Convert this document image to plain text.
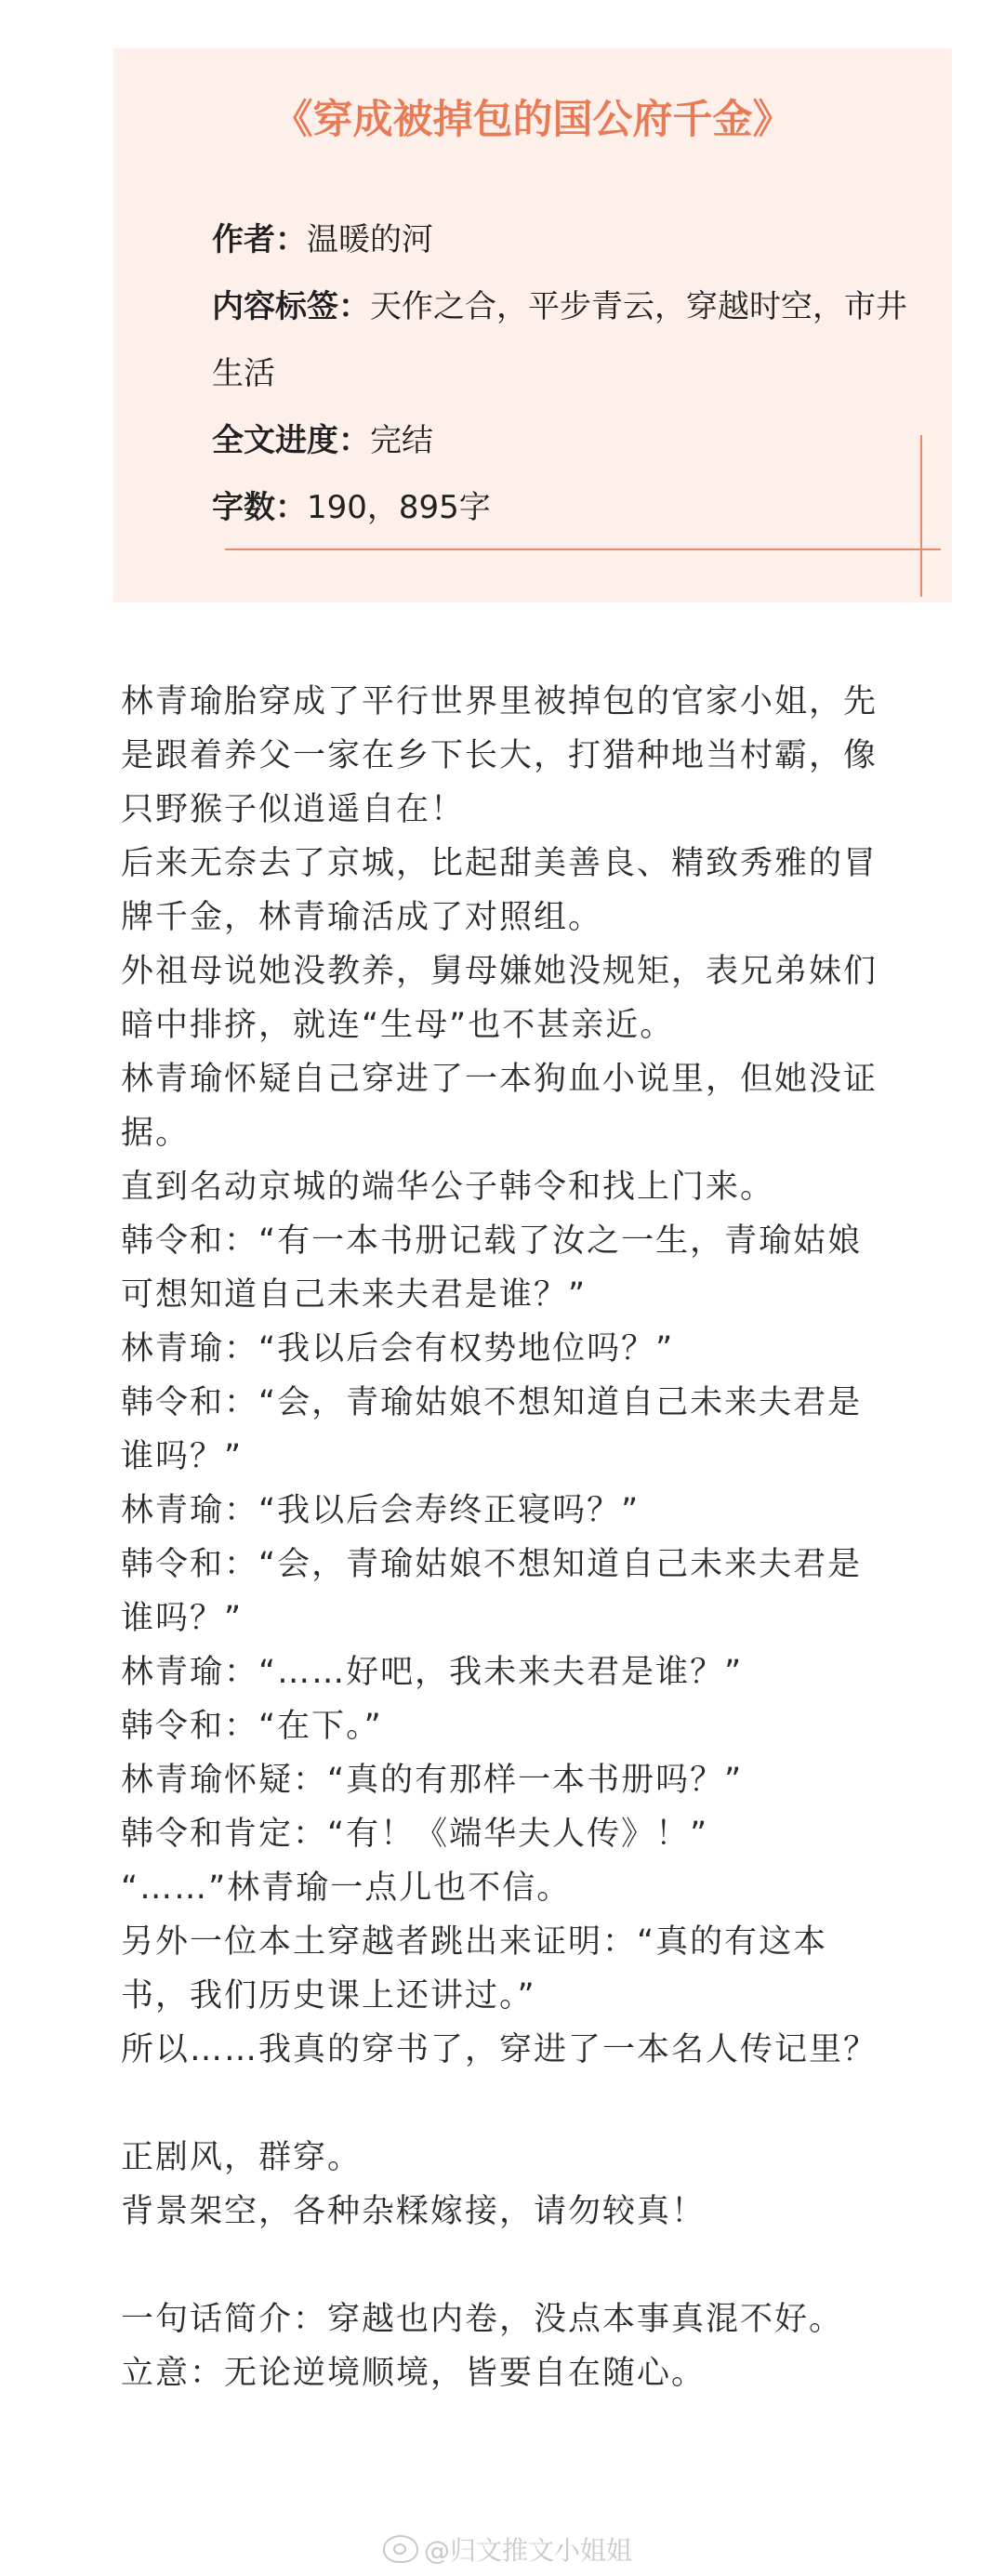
《穿成被掉包的国公府千金》

作者：温暖的河

内容标签：天作之合，平步青云，穿越时空，市井生活

全文进度：完结

字数：190，895字

林青瑜胎穿成了平行世界里被掉包的官家小姐，先是跟着养父一家在乡下长大，打猎种地当村霸，像只野猴子似逍遥自在！

后来无奈去了京城，比起甜美善良、精致秀雅的冒牌千金，林青瑜活成了对照组。

外祖母说她没教养，舅母嫌她没规矩，表兄弟妹们暗中排挤，就连“生母”也不甚亲近。

林青瑜怀疑自己穿进了一本狗血小说里，但她没证据。

直到名动京城的端华公子韩令和找上门来。

韩令和：“有一本书册记载了汝之一生，青瑜姑娘可想知道自己未来夫君是谁？”

林青瑜：“我以后会有权势地位吗？”

韩令和：“会，青瑜姑娘不想知道自己未来夫君是谁吗？”

林青瑜：“我以后会寿终正寝吗？”

韩令和：“会，青瑜姑娘不想知道自己未来夫君是谁吗？”

林青瑜：“……好吧，我未来夫君是谁？”

韩令和：“在下。”

林青瑜怀疑：“真的有那样一本书册吗？”

韩令和肯定：“有！《端华夫人传》！”

“……”林青瑜一点儿也不信。

另外一位本土穿越者跳出来证明：“真的有这本书，我们历史课上还讲过。”

所以……我真的穿书了，穿进了一本名人传记里？

正剧风，群穿。

背景架空，各种杂糅嫁接，请勿较真！

一句话简介：穿越也内卷，没点本事真混不好。

立意：无论逆境顺境，皆要自在随心。

@归文推文小姐姐
